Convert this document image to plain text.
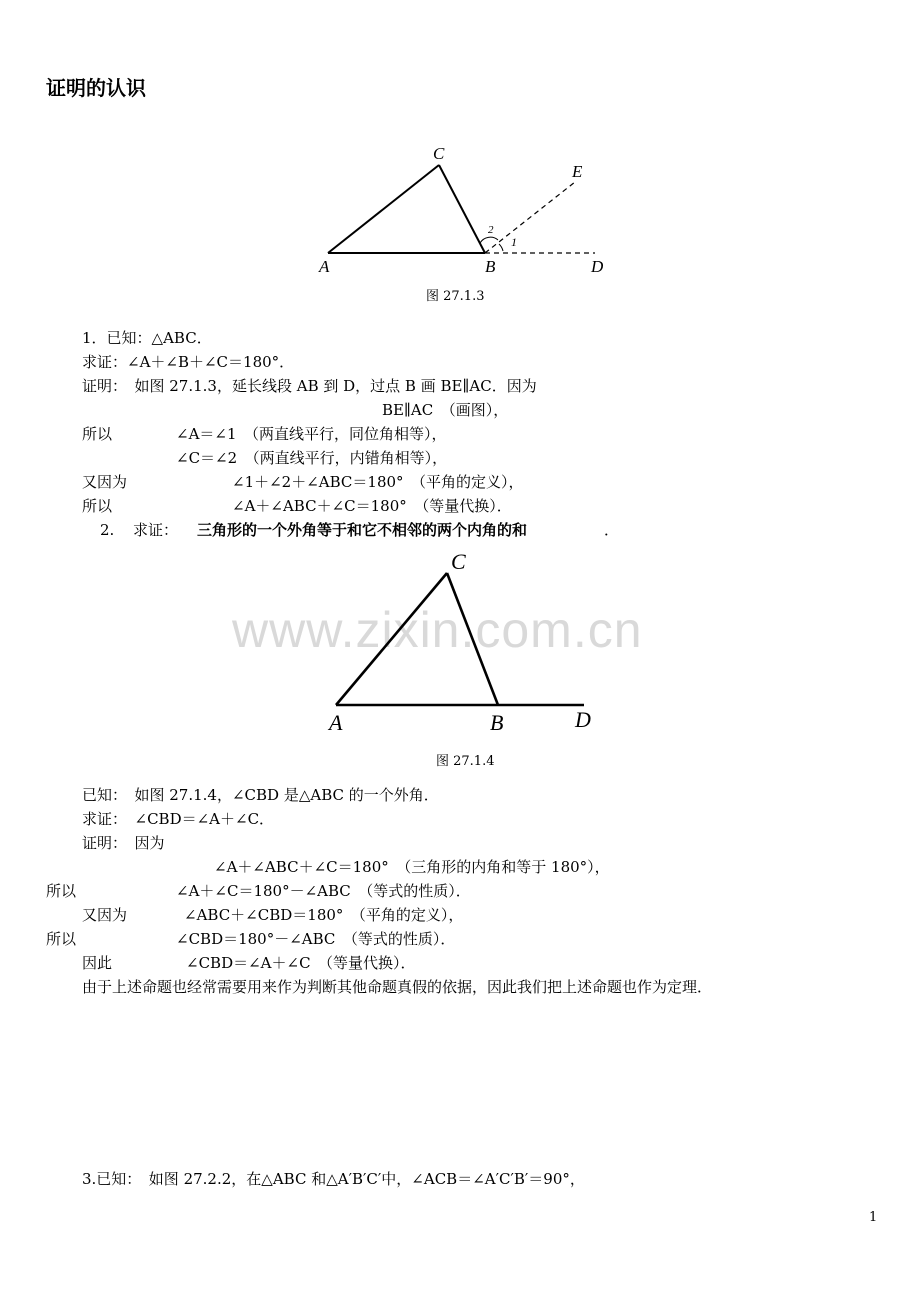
证明的认识
C
E
A	B	D
2
1
图 27.1.3
1．已知：△ABC．
求证：∠A＋∠B＋∠C＝180°．
证明：　如图 27.1.3，延长线段 AB 到 D，过点 B 画 BE∥AC．因为
BE∥AC　（画图），
所以	∠A＝∠1　（两直线平行，同位角相等），
∠C＝∠2　（两直线平行，内错角相等），
又因为	∠1＋∠2＋∠ABC＝180°　（平角的定义），
所以	∠A＋∠ABC＋∠C＝180°　（等量代换）．
2. 求证： 三角形的一个外角等于和它不相邻的两个内角的和	．
www.zixin.com.cn
C
A	B	D
图 27.1.4
已知：　如图 27.1.4，∠CBD 是△ABC 的一个外角．
求证：　∠CBD＝∠A＋∠C．
证明：　因为
∠A＋∠ABC＋∠C＝180°　（三角形的内角和等于 180°），
所以	∠A＋∠C＝180°－∠ABC　（等式的性质）．
又因为	∠ABC＋∠CBD＝180°　（平角的定义），
所以	∠CBD＝180°－∠ABC　（等式的性质）．
因此	∠CBD＝∠A＋∠C　（等量代换）．
由于上述命题也经常需要用来作为判断其他命题真假的依据，因此我们把上述命题也作为定理．
3.已知：　如图 27.2.2，在△ABC 和△A′B′C′中，∠ACB＝∠A′C′B′＝90°，
1
